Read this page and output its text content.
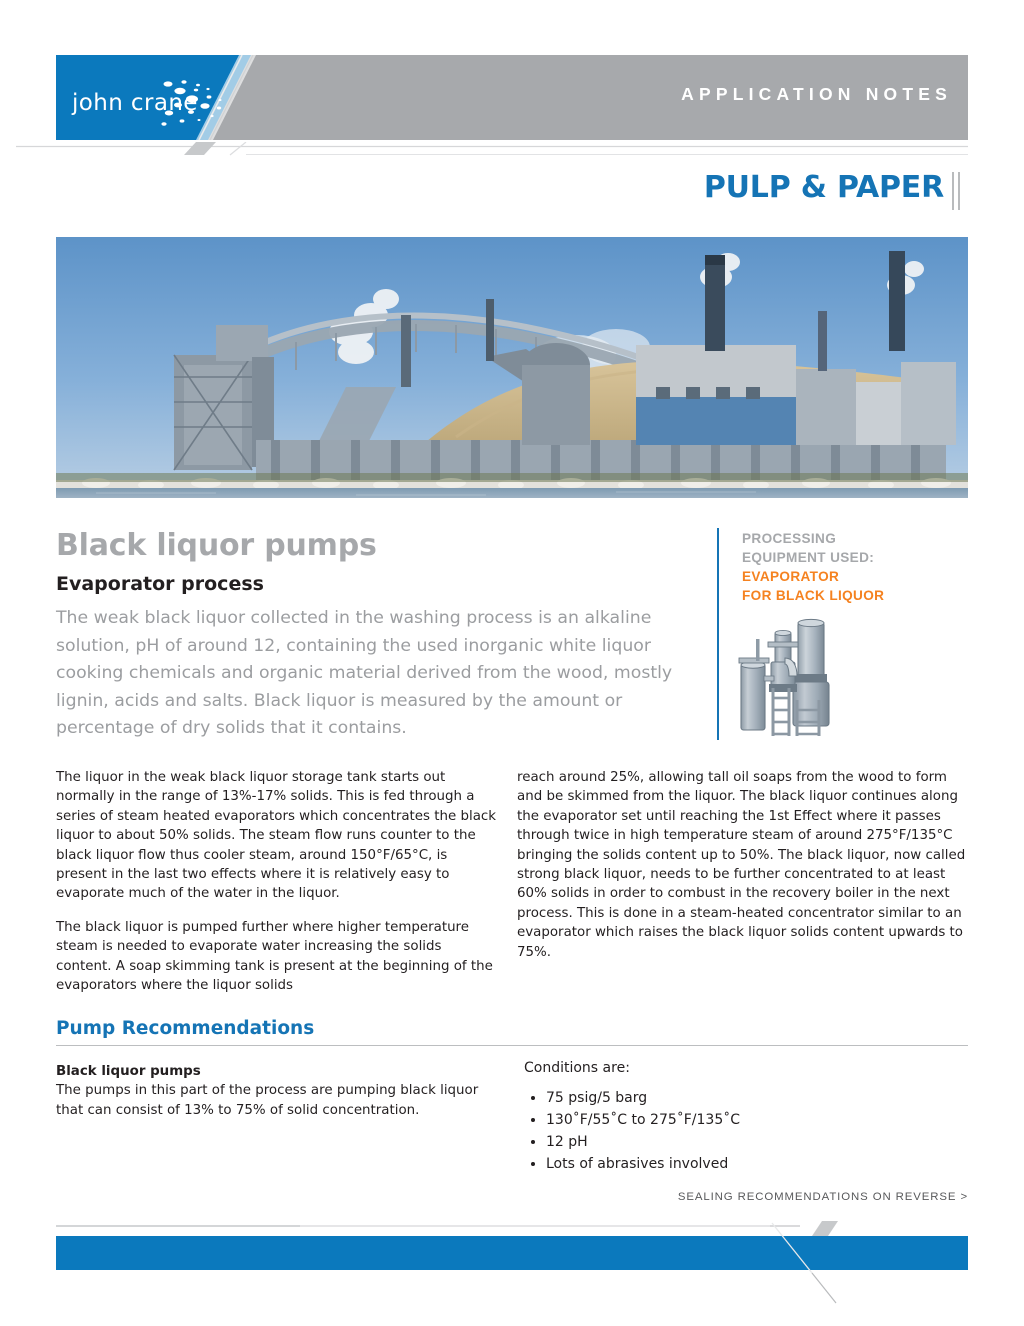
john crane	APPLICATION NOTES
PULP & PAPER
Black liquor pumps
Evaporator process

The weak black liquor collected in the washing process is an alkaline solution, pH of around 12, containing the used inorganic white liquor cooking chemicals and organic material derived from the wood, mostly lignin, acids and salts. Black liquor is measured by the amount or percentage of dry solids that it contains.

PROCESSING
EQUIPMENT USED:
EVAPORATOR
FOR BLACK LIQUOR

The liquor in the weak black liquor storage tank starts out normally in the range of 13%-17% solids. This is fed through a series of steam heated evaporators which concentrates the black liquor to about 50% solids. The steam flow runs counter to the black liquor flow thus cooler steam, around 150°F/65°C, is present in the last two effects where it is relatively easy to evaporate much of the water in the liquor.

The black liquor is pumped further where higher temperature steam is needed to evaporate water increasing the solids content. A soap skimming tank is present at the beginning of the evaporators where the liquor solids

reach around 25%, allowing tall oil soaps from the wood to form and be skimmed from the liquor. The black liquor continues along the evaporator set until reaching the 1st Effect where it passes through twice in high temperature steam of around 275°F/135°C bringing the solids content up to 50%. The black liquor, now called strong black liquor, needs to be further concentrated to at least 60% solids in order to combust in the recovery boiler in the next process. This is done in a steam-heated concentrator similar to an evaporator which raises the black liquor solids content upwards to 75%.

Pump Recommendations
Black liquor pumps
The pumps in this part of the process are pumping black liquor that can consist of 13% to 75% of solid concentration.
Conditions are:
• 75 psig/5 barg
• 130˚F/55˚C to 275˚F/135˚C
• 12 pH
• Lots of abrasives involved
SEALING RECOMMENDATIONS ON REVERSE >
